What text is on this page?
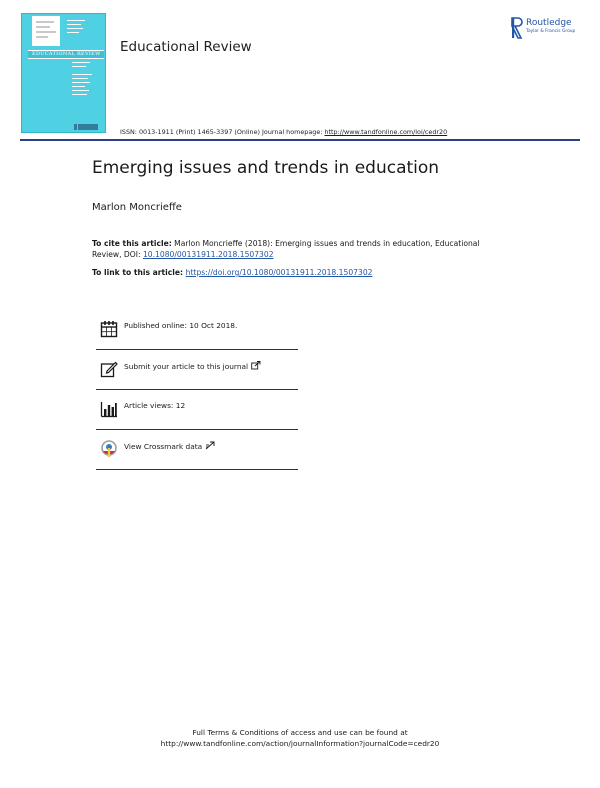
EDUCATIONAL REVIEW Educational Review
Routledge
Taylor & Francis Group
ISSN: 0013-1911 (Print) 1465-3397 (Online) Journal homepage: http://www.tandfonline.com/loi/cedr20
Emerging issues and trends in education
Marlon Moncrieffe
To cite this article: Marlon Moncrieffe (2018): Emerging issues and trends in education, Educational Review, DOI: 10.1080/00131911.2018.1507302
To link to this article: https://doi.org/10.1080/00131911.2018.1507302
Published online: 10 Oct 2018.
Submit your article to this journal
Article views: 12
View Crossmark data
Full Terms & Conditions of access and use can be found at
http://www.tandfonline.com/action/journalInformation?journalCode=cedr20
